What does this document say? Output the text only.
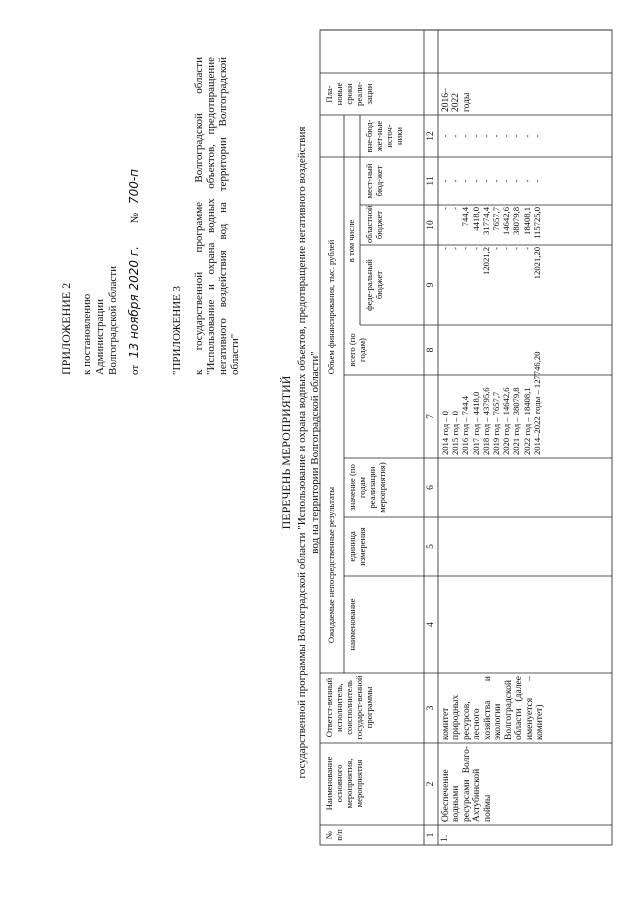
ПРИЛОЖЕНИЕ 2 к постановлению Администрации Волгоградской области от 13 ноября 2020 г. № 700-п
"ПРИЛОЖЕНИЕ 3 к государственной программе Волгоградской области "Использование и охрана водных объектов, предотвращение негативного воздействия вод на территории Волгоградской области"
ПЕРЕЧЕНЬ МЕРОПРИЯТИЙ государственной программы Волгоградской области "Использование и охрана водных объектов, предотвращение негативного воздействия вод на территории Волгоградской области"
№ п/п
Наименование основного мероприятия, мероприятия
Ответст-венный исполнитель, соисполнитель государст-венной программы
Ожидаемые непосредственные результаты наименование
единица измерения
значение (по годам реализации мероприятия)
Объем финансирования, тыс. рублей всего (по годам)
в том числе
феде-ральный бюджет
областной бюджет
мест-ный бюд-жет
вне-бюд-жет-ные источ-ники
Пла-новые сроки реали-зации
1
2
3
4
5
6
7
8
9
10
11
12
1.
Обеспечение водными ресурсами Волго-Ахтубинской поймы
комитет природных ресурсов, лесного хозяйства и экологии Волгоградской области (далее именуется – комитет)
2016–2022 годы
2014 год – 0
-
-
-
-
2015 год – 0
-
-
-
-
2016 год – 744,4
-
744,4
-
-
2017 год – 4418,0
-
4418,0
-
-
2018 год – 43795,6
12021,2
31774,4
-
-
2019 год – 7657,7
-
7657,7
-
-
2020 год – 14642,6
-
14642,6
-
-
2021 год – 38079,8
-
38079,8
-
-
2022 год – 18408,1
-
18408,1
-
-
2014–2022 годы – 127746,20
12021,20
115725,0
-
-
